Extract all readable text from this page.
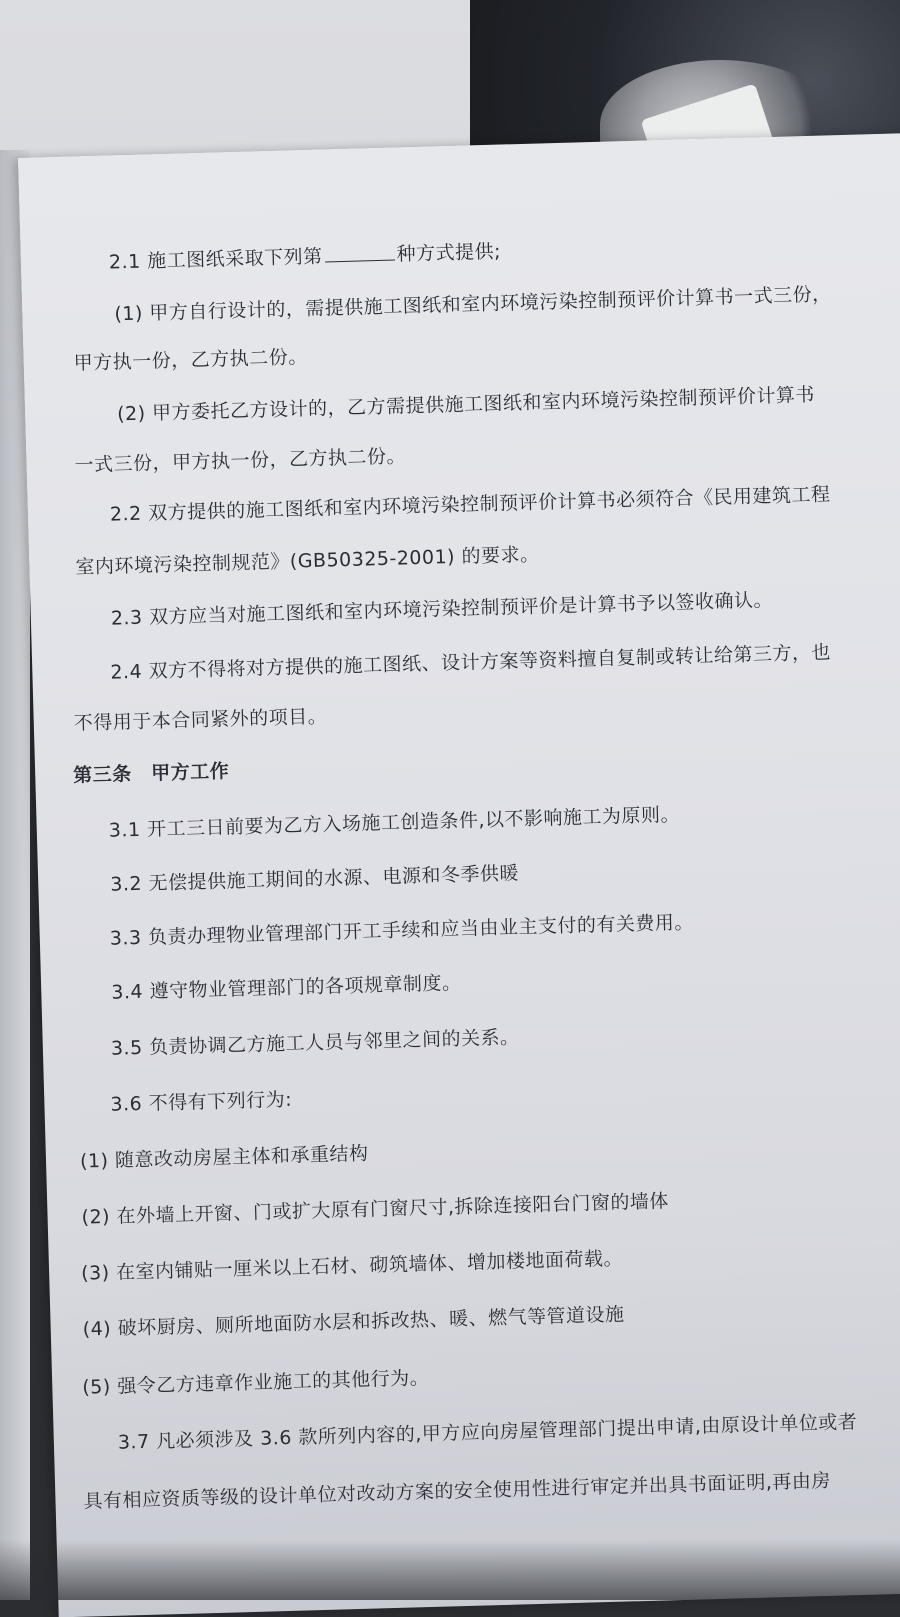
2.1 施工图纸采取下列第	种方式提供;
(1) 甲方自行设计的，需提供施工图纸和室内环境污染控制预评价计算书一式三份，
甲方执一份，乙方执二份。
(2) 甲方委托乙方设计的，乙方需提供施工图纸和室内环境污染控制预评价计算书
一式三份，甲方执一份，乙方执二份。
2.2 双方提供的施工图纸和室内环境污染控制预评价计算书必须符合《民用建筑工程
室内环境污染控制规范》(GB50325-2001) 的要求。
2.3 双方应当对施工图纸和室内环境污染控制预评价是计算书予以签收确认。
2.4 双方不得将对方提供的施工图纸、设计方案等资料擅自复制或转让给第三方，也
不得用于本合同紧外的项目。
第三条　甲方工作
3.1 开工三日前要为乙方入场施工创造条件,以不影响施工为原则。
3.2 无偿提供施工期间的水源、电源和冬季供暖
3.3 负责办理物业管理部门开工手续和应当由业主支付的有关费用。
3.4 遵守物业管理部门的各项规章制度。
3.5 负责协调乙方施工人员与邻里之间的关系。
3.6 不得有下列行为:
(1) 随意改动房屋主体和承重结构
(2) 在外墙上开窗、门或扩大原有门窗尺寸,拆除连接阳台门窗的墙体
(3) 在室内铺贴一厘米以上石材、砌筑墙体、增加楼地面荷载。
(4) 破坏厨房、厕所地面防水层和拆改热、暖、燃气等管道设施
(5) 强令乙方违章作业施工的其他行为。
3.7 凡必须涉及 3.6 款所列内容的,甲方应向房屋管理部门提出申请,由原设计单位或者
具有相应资质等级的设计单位对改动方案的安全使用性进行审定并出具书面证明,再由房
